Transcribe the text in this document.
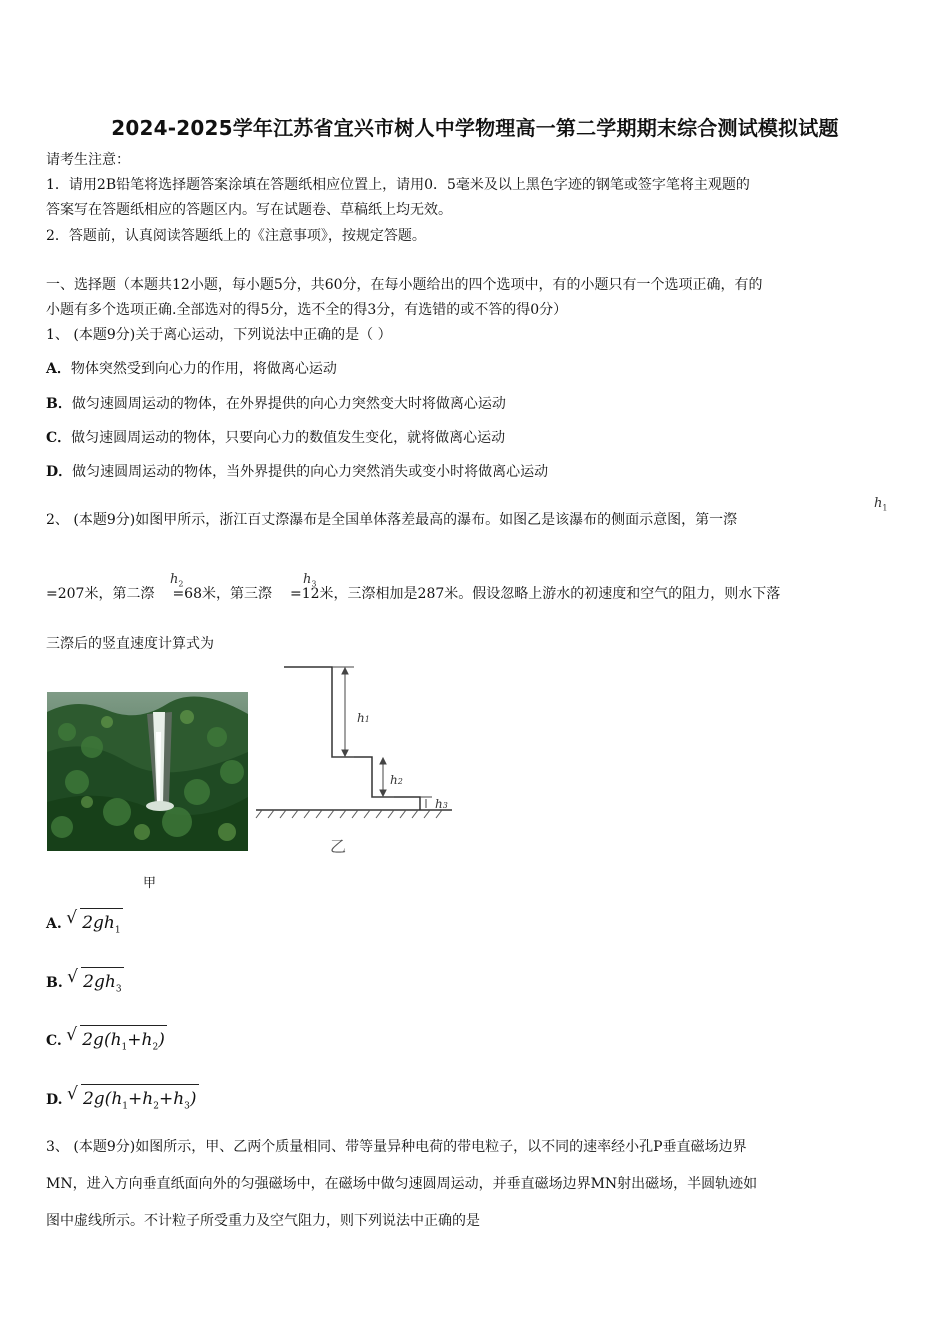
2024-2025学年江苏省宜兴市树人中学物理高一第二学期期末综合测试模拟试题
请考生注意：
1．请用2B铅笔将选择题答案涂填在答题纸相应位置上，请用0．5毫米及以上黑色字迹的钢笔或签字笔将主观题的
答案写在答题纸相应的答题区内。写在试题卷、草稿纸上均无效。
2．答题前，认真阅读答题纸上的《注意事项》，按规定答题。
一、选择题（本题共12小题，每小题5分，共60分，在每小题给出的四个选项中，有的小题只有一个选项正确，有的
小题有多个选项正确.全部选对的得5分，选不全的得3分，有选错的或不答的得0分）
1、 (本题9分)关于离心运动，下列说法中正确的是（ ）
A．物体突然受到向心力的作用，将做离心运动
B．做匀速圆周运动的物体，在外界提供的向心力突然变大时将做离心运动
C．做匀速圆周运动的物体，只要向心力的数值发生变化，就将做离心运动
D．做匀速圆周运动的物体，当外界提供的向心力突然消失或变小时将做离心运动
2、 (本题9分)如图甲所示，浙江百丈漈瀑布是全国单体落差最高的瀑布。如图乙是该瀑布的侧面示意图，第一漈
$h_1$
=207米，第二漈 =68米，第三漈 =12米，三漈相加是287米。假设忽略上游水的初速度和空气的阻力，则水下落
$h_2$	$h_3$
三漈后的竖直速度计算式为
甲
h1
h2
h3
乙
A. √ $2gh_1$
B. √ $2gh_3$
C. √ $2g(h_1+h_2)$
D. √ $2g(h_1+h_2+h_3)$
3、 (本题9分)如图所示，甲、乙两个质量相同、带等量异种电荷的带电粒子，以不同的速率经小孔P垂直磁场边界
MN，进入方向垂直纸面向外的匀强磁场中，在磁场中做匀速圆周运动，并垂直磁场边界MN射出磁场，半圆轨迹如
图中虚线所示。不计粒子所受重力及空气阻力，则下列说法中正确的是
